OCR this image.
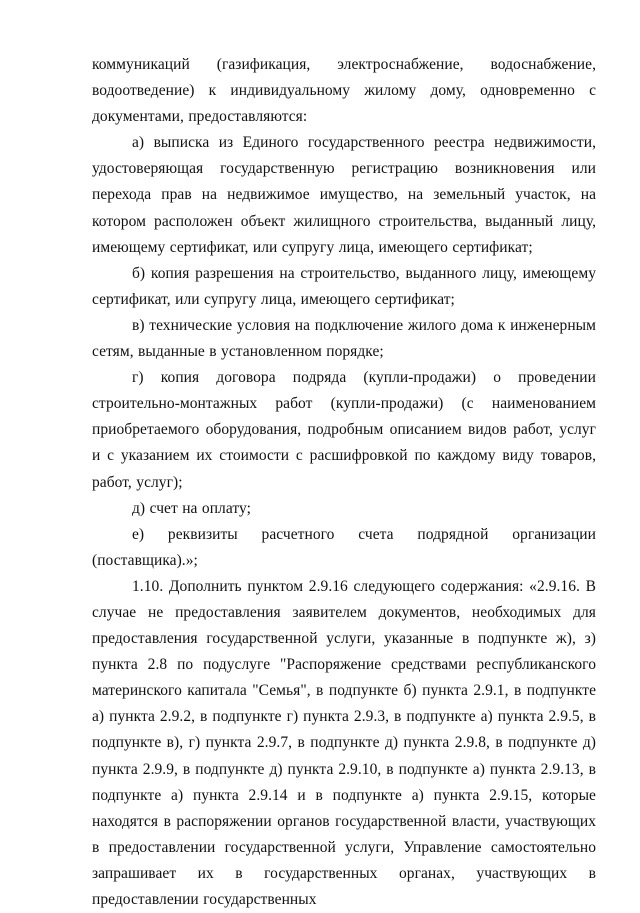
коммуникаций (газификация, электроснабжение, водоснабжение, водоотведение) к индивидуальному жилому дому, одновременно с документами, предоставляются:

а) выписка из Единого государственного реестра недвижимости, удостоверяющая государственную регистрацию возникновения или перехода прав на недвижимое имущество, на земельный участок, на котором расположен объект жилищного строительства, выданный лицу, имеющему сертификат, или супругу лица, имеющего сертификат;

б) копия разрешения на строительство, выданного лицу, имеющему сертификат, или супругу лица, имеющего сертификат;

в) технические условия на подключение жилого дома к инженерным сетям, выданные в установленном порядке;

г) копия договора подряда (купли-продажи) о проведении строительно-монтажных работ (купли-продажи) (с наименованием приобретаемого оборудования, подробным описанием видов работ, услуг и с указанием их стоимости с расшифровкой по каждому виду товаров, работ, услуг);

д) счет на оплату;

е) реквизиты расчетного счета подрядной организации (поставщика).»;

1.10. Дополнить пунктом 2.9.16 следующего содержания: «2.9.16. В случае не предоставления заявителем документов, необходимых для предоставления государственной услуги, указанные в подпункте ж), з) пункта 2.8 по подуслуге "Распоряжение средствами республиканского материнского капитала "Семья", в подпункте б) пункта 2.9.1, в подпункте а) пункта 2.9.2, в подпункте г) пункта 2.9.3, в подпункте а) пункта 2.9.5, в подпункте в), г) пункта 2.9.7, в подпункте д) пункта 2.9.8, в подпункте д) пункта 2.9.9, в подпункте д) пункта 2.9.10, в подпункте а) пункта 2.9.13, в подпункте а) пункта 2.9.14 и в подпункте а) пункта 2.9.15, которые находятся в распоряжении органов государственной власти, участвующих в предоставлении государственной услуги, Управление самостоятельно запрашивает их в государственных органах, участвующих в предоставлении государственных
